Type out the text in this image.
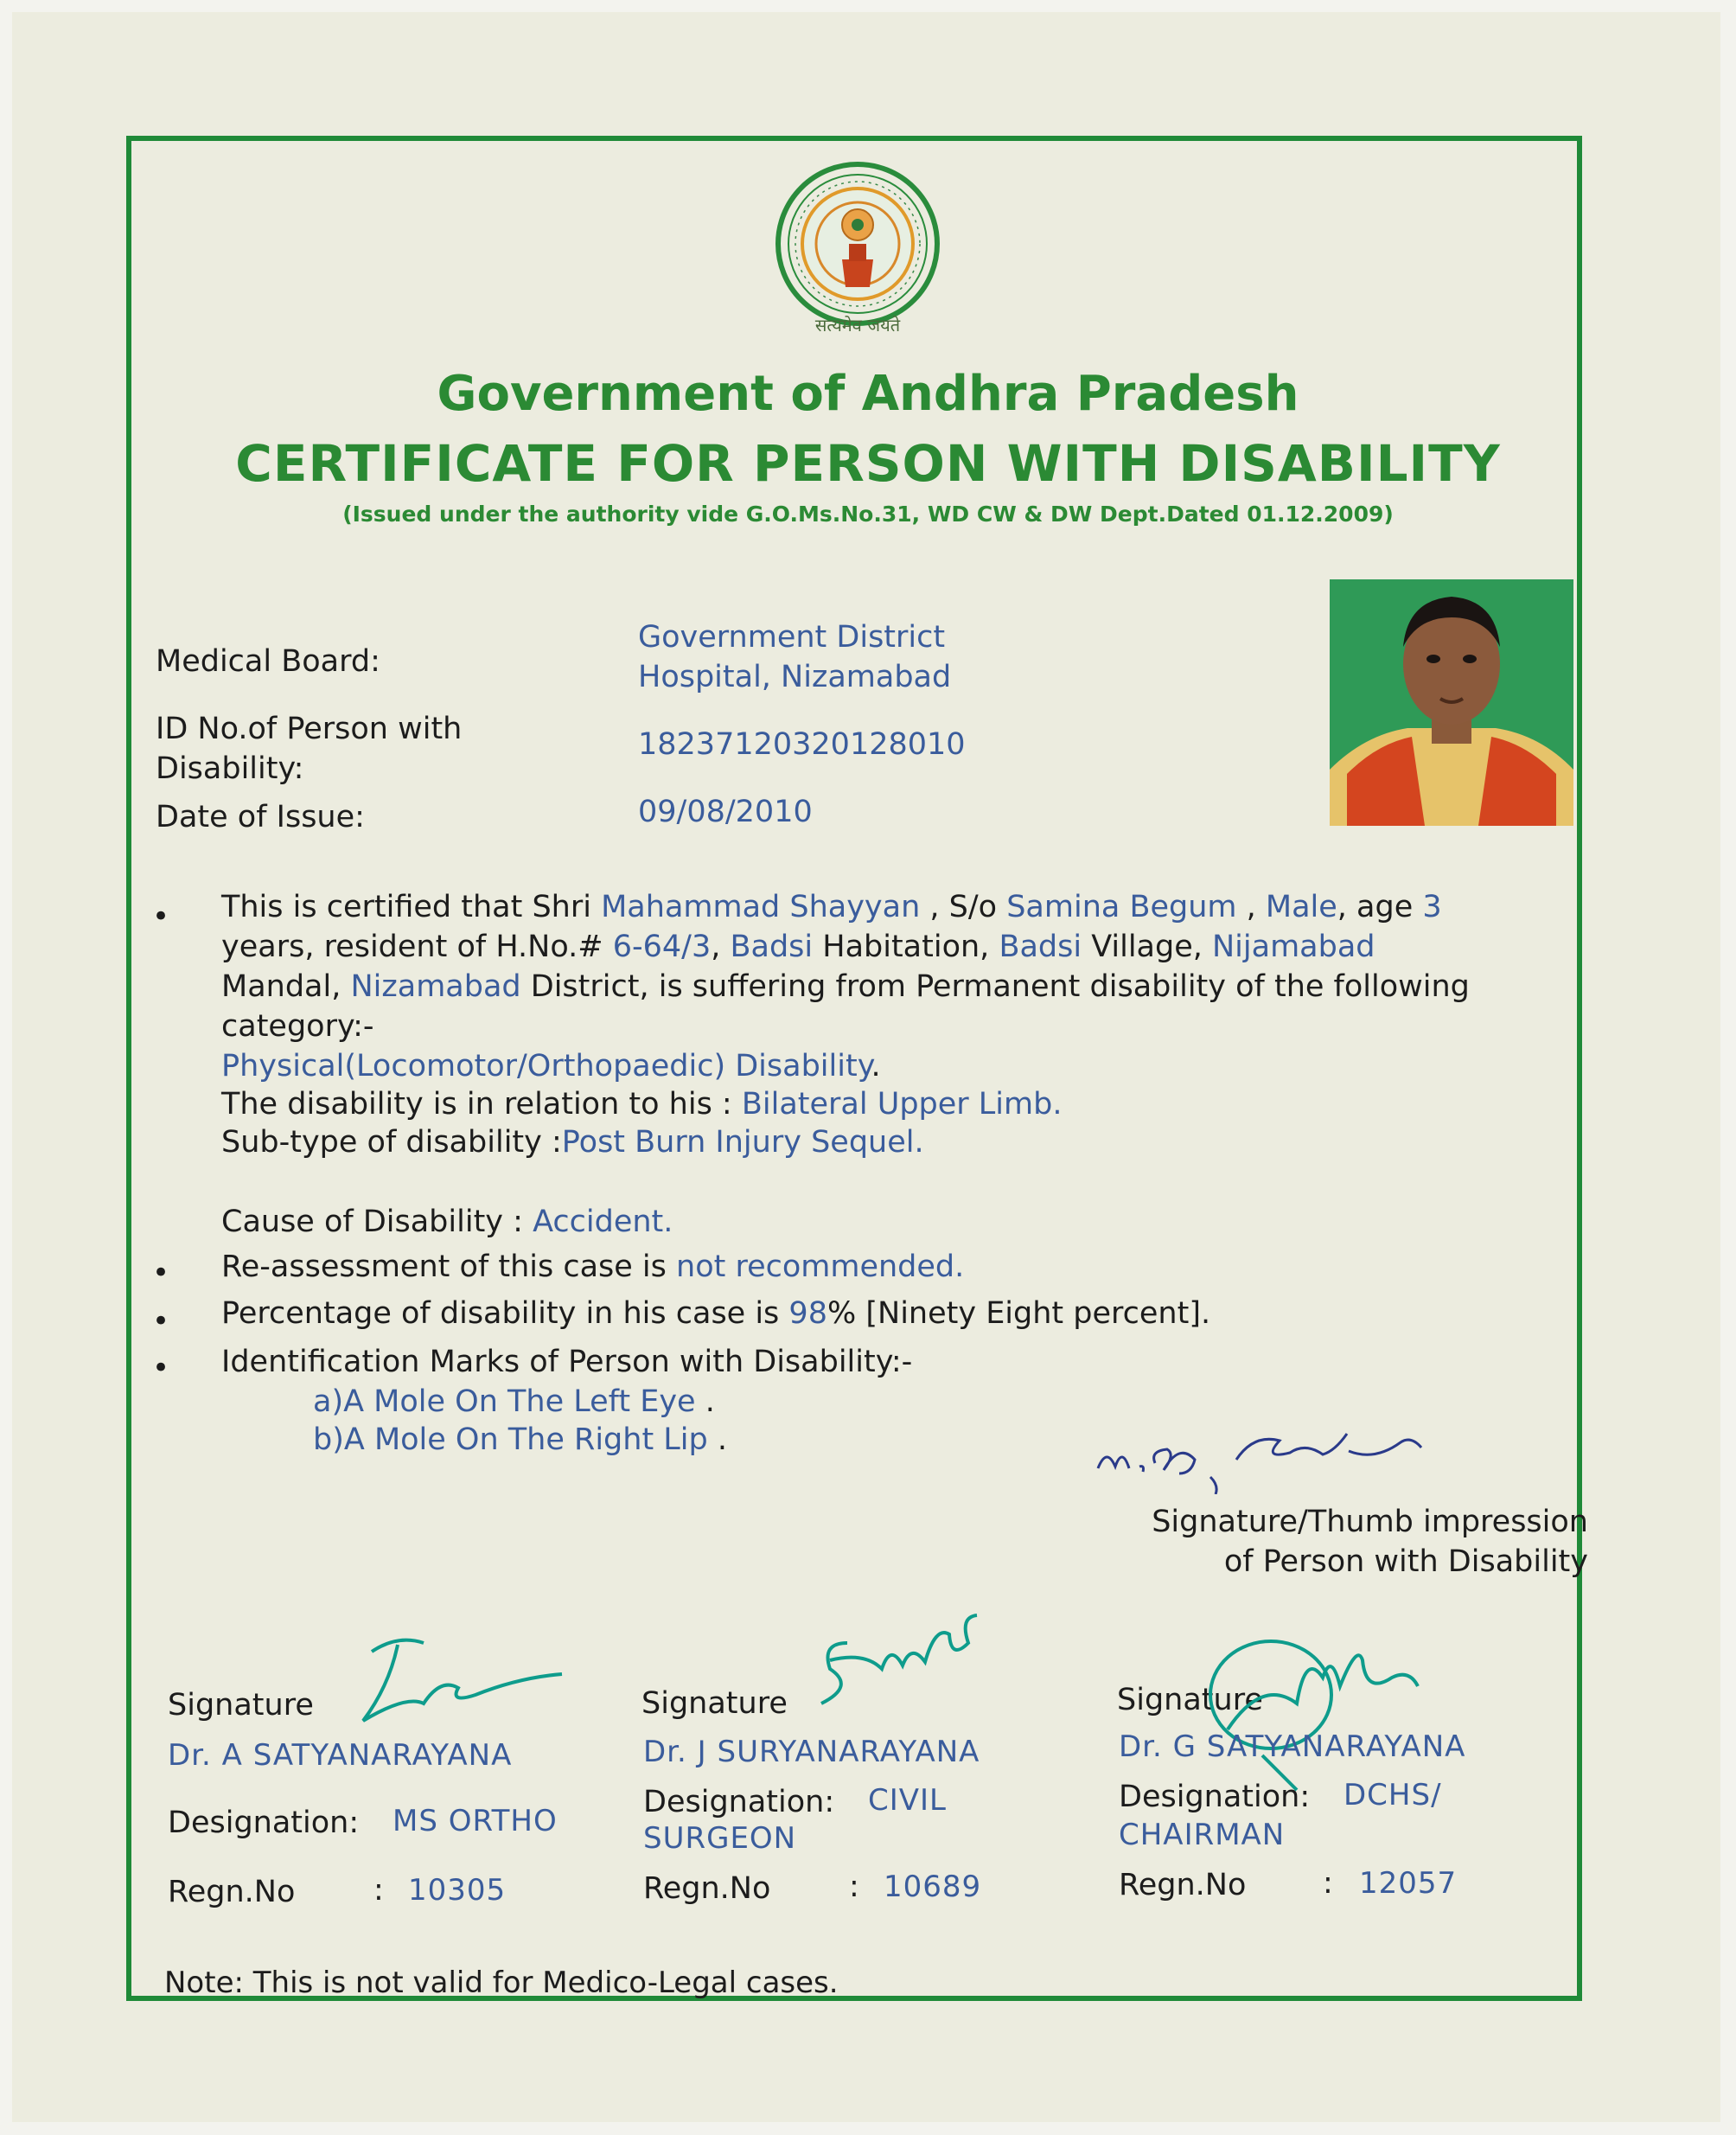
सत्यमेव जयते
Government of Andhra Pradesh
CERTIFICATE FOR PERSON WITH DISABILITY
(Issued under the authority vide G.O.Ms.No.31, WD CW & DW Dept.Dated 01.12.2009)
Medical Board:
Government District
Hospital, Nizamabad
ID No.of Person with
Disability:
18237120320128010
Date of Issue:	09/08/2010
• This is certified that Shri Mahammad Shayyan , S/o Samina Begum , Male, age 3
years, resident of H.No.# 6-64/3, Badsi Habitation, Badsi Village, Nijamabad
Mandal, Nizamabad District, is suffering from Permanent disability of the following
category:-
Physical(Locomotor/Orthopaedic) Disability.
The disability is in relation to his : Bilateral Upper Limb.
Sub-type of disability :Post Burn Injury Sequel.
Cause of Disability : Accident.
• Re-assessment of this case is not recommended.
• Percentage of disability in his case is 98% [Ninety Eight percent].
• Identification Marks of Person with Disability:-
a)A Mole On The Left Eye .
b)A Mole On The Right Lip .
Signature/Thumb impression
of Person with Disability
Signature
Dr. A SATYANARAYANA
Designation: MS ORTHO
Regn.No	: 10305
Signature
Dr. J SURYANARAYANA
Designation: CIVIL
SURGEON
Regn.No	: 10689
Signature
Dr. G SATYANARAYANA
Designation: DCHS/
CHAIRMAN
Regn.No	: 12057
Note: This is not valid for Medico-Legal cases.
